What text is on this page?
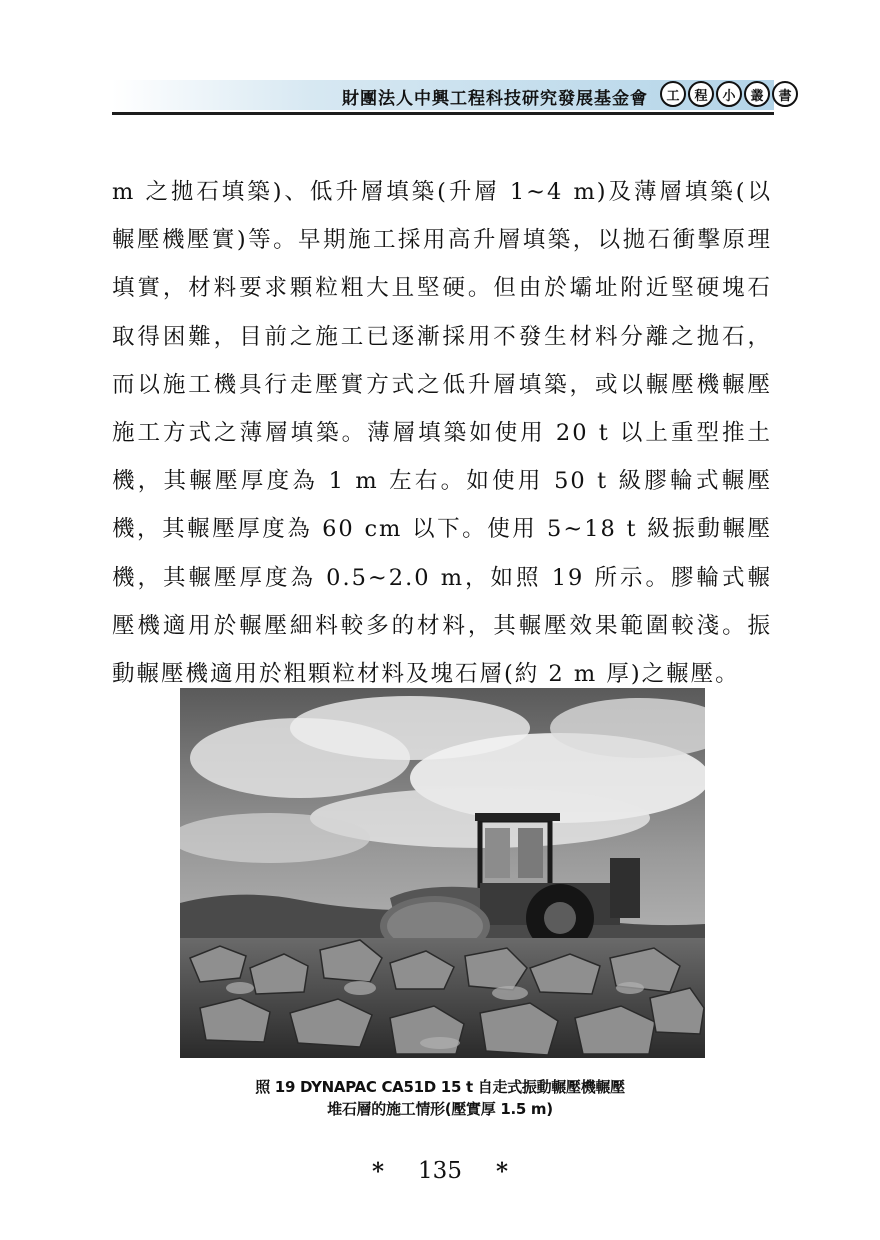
財團法人中興工程科技研究發展基金會	工	程	小	叢	書

m 之拋石填築)、低升層填築(升層 1~4 m)及薄層填築(以輾壓機壓實)等。早期施工採用高升層填築，以拋石衝擊原理填實，材料要求顆粒粗大且堅硬。但由於壩址附近堅硬塊石取得困難，目前之施工已逐漸採用不發生材料分離之拋石，而以施工機具行走壓實方式之低升層填築，或以輾壓機輾壓施工方式之薄層填築。薄層填築如使用 20 t 以上重型推土機，其輾壓厚度為 1 m 左右。如使用 50 t 級膠輪式輾壓機，其輾壓厚度為 60 cm 以下。使用 5~18 t 級振動輾壓機，其輾壓厚度為 0.5~2.0 m，如照 19 所示。膠輪式輾壓機適用於輾壓細料較多的材料，其輾壓效果範圍較淺。振動輾壓機適用於粗顆粒材料及塊石層(約 2 m 厚)之輾壓。

照 19 DYNAPAC CA51D 15 t 自走式振動輾壓機輾壓
堆石層的施工情形(壓實厚 1.5 m)
* 135 *
